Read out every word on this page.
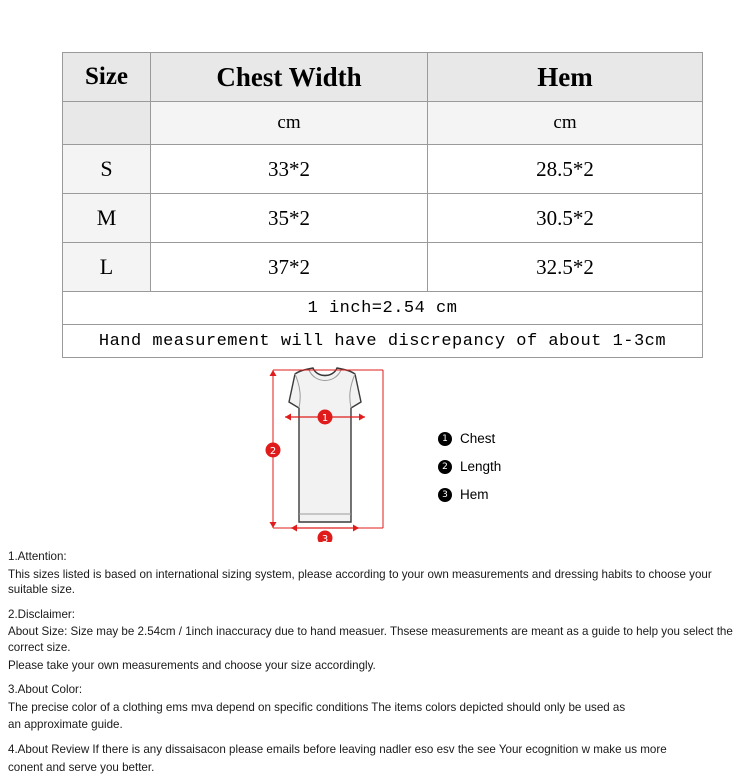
Size	Chest Width	Hem
	cm	cm
S	33*2	28.5*2
M	35*2	30.5*2
L	37*2	32.5*2
1 inch=2.54 cm		
Hand measurement will have discrepancy of about 1-3cm		
1
2
3
1 Chest
2 Length
3 Hem

1.Attention:

This sizes listed is based on international sizing system, please according to your own measurements and dressing habits to choose your suitable size.

2.Disclaimer:

About Size: Size may be 2.54cm / 1inch inaccuracy due to hand measuer. Thsese measurements are meant as a guide to help you select the correct size.

Please take your own measurements and choose your size accordingly.

3.About Color:

The precise color of a clothing ems mva depend on specific conditions The items colors depicted should only be used as

an approximate guide.

4.About Review If there is any dissaisacon please emails before leaving nadler eso esv the see Your ecognition w make us more

conent and serve you better.
